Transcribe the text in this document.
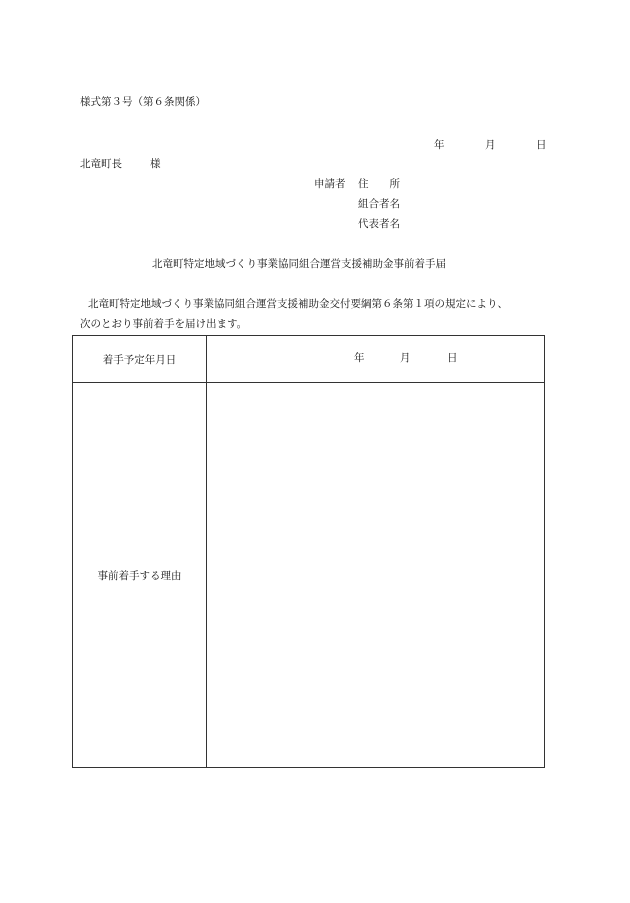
様式第３号（第６条関係）
年	月	日
北竜町長	様
申請者 住　　所
組合者名
代表者名
北竜町特定地域づくり事業協同組合運営支援補助金事前着手届
北竜町特定地域づくり事業協同組合運営支援補助金交付要綱第６条第１項の規定により、
次のとおり事前着手を届け出ます。
着手予定年月日	年 月 日

事前着手する理由	
